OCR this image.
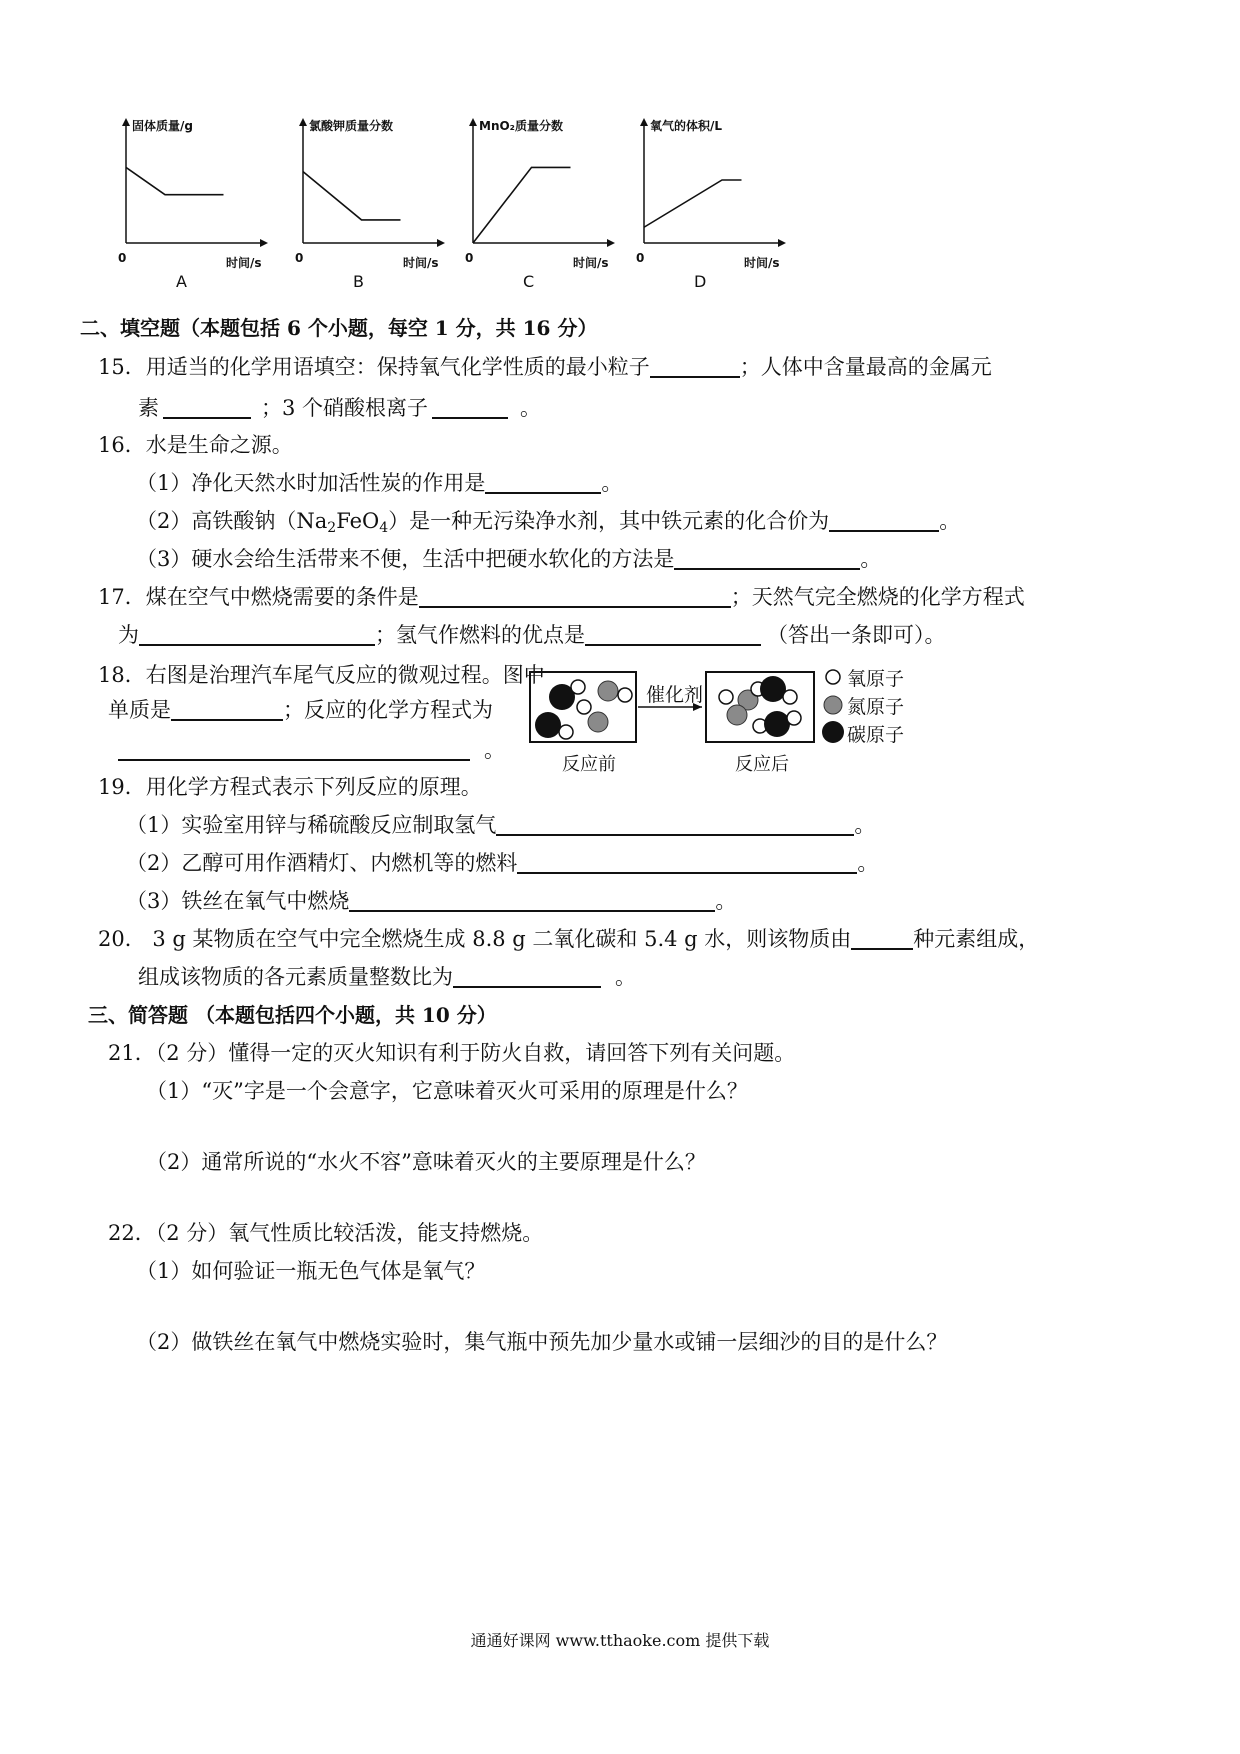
固体质量/g
0	时间/s
A
氯酸钾质量分数
0	时间/s
B
MnO₂质量分数
0	时间/s
C
氧气的体积/L
0	时间/s
D
二、填空题（本题包括 6 个小题，每空 1 分，共 16 分）
15．用适当的化学用语填空：保持氧气化学性质的最小粒子	；人体中含量最高的金属元
素	；3 个硝酸根离子	。
16．水是生命之源。
（1）净化天然水时加活性炭的作用是	。
（2）高铁酸钠$(Na_2FeO_4)$是一种无污染净水剂，其中铁元素的化合价为	。
（3）硬水会给生活带来不便，生活中把硬水软化的方法是	。
17．煤在空气中燃烧需要的条件是	；天然气完全燃烧的化学方程式
为	；氢气作燃料的优点是	（答出一条即可）。
18．右图是治理汽车尾气反应的微观过程。图中
单质是	；反应的化学方程式为
。
催化剂
反应前	反应后
氧原子
氮原子
碳原子
19．用化学方程式表示下列反应的原理。
（1）实验室用锌与稀硫酸反应制取氢气	。
（2）乙醇可用作酒精灯、内燃机等的燃料	。
（3）铁丝在氧气中燃烧	。
20． 3 g 某物质在空气中完全燃烧生成 8.8 g 二氧化碳和 5.4 g 水，则该物质由	种元素组成，
组成该物质的各元素质量整数比为	。
三、简答题 （本题包括四个小题，共 10 分）
21．（2 分）懂得一定的灭火知识有利于防火自救，请回答下列有关问题。
（1）“灭”字是一个会意字，它意味着灭火可采用的原理是什么？
（2）通常所说的“水火不容”意味着灭火的主要原理是什么？
22．（2 分）氧气性质比较活泼，能支持燃烧。
（1）如何验证一瓶无色气体是氧气？
（2）做铁丝在氧气中燃烧实验时，集气瓶中预先加少量水或铺一层细沙的目的是什么？
通通好课网 www.tthaoke.com 提供下载
